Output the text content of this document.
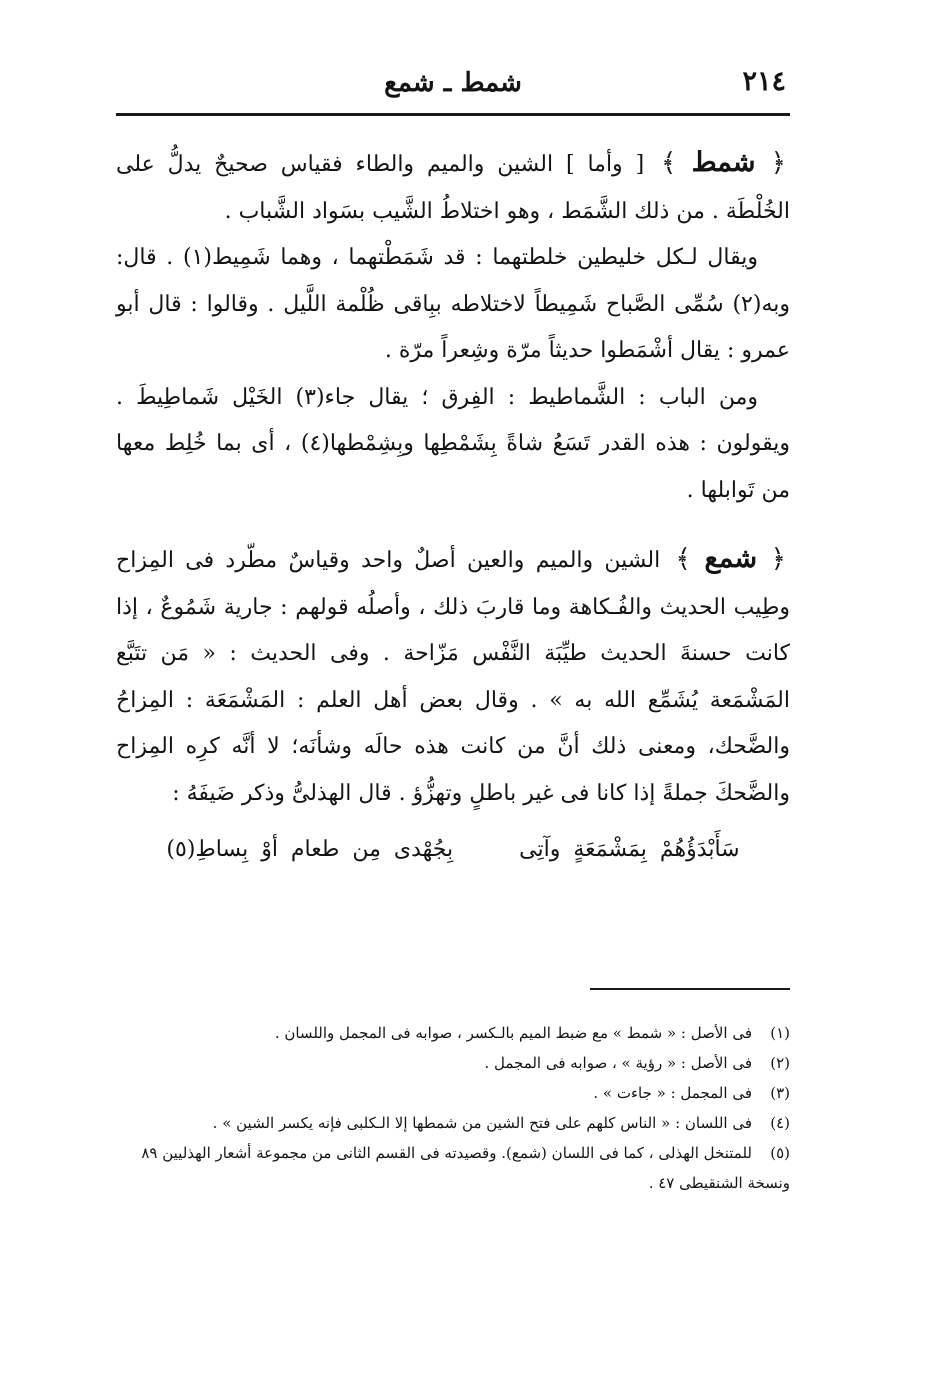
٢١٤
شمط ـ شمع

﴿ شمط ﴾ [ وأما ] الشين والميم والطاء فقياس صحيحٌ يدلُّ على الخُلْطَة . من ذلك الشَّمَط ، وهو اختلاطُ الشَّيب بسَواد الشَّباب .

ويقال لـكل خليطين خلطتهما : قد شَمَطْتهما ، وهما شَمِيط(١) . قال: وبه(٢) سُمِّى الصَّباح شَمِيطاً لاختلاطه ببِاقى ظُلْمة اللَّيل . وقالوا : قال أبو عمرو : يقال أشْمَطوا حديثاً مرّة وشِعراً مرّة .

ومن الباب : الشَّماطيط : الفِرق ؛ يقال جاء(٣) الخَيْل شَماطِيطَ . ويقولون : هذه القدر تَسَعُ شاةً بِشَمْطِها وبِشِمْطها(٤) ، أى بما خُلِط معها من تَوابلها .

﴿ شمع ﴾ الشين والميم والعين أصلٌ واحد وقياسٌ مطّرد فى المِزاح وطِيب الحديث والفُـكاهة وما قاربَ ذلك ، وأصلُه قولهم : جارية شَمُوعٌ ، إذا كانت حسنةَ الحديث طيِّبَة النَّفْس مَزّاحة . وفى الحديث : « مَن تتَبَّع المَشْمَعة يُشَمِّع الله به » . وقال بعض أهل العلم : المَشْمَعَة : المِزاحُ والضَّحك، ومعنى ذلك أنَّ من كانت هذه حالَه وشأنَه؛ لا أنَّه كرِه المِزاح والضَّحكَ جملةً إذا كانا فى غير باطلٍ وتهزُّؤ . قال الهذلىُّ وذكر ضَيفَهُ :

سَأَبْدَؤُهُمْ بِمَشْمَعَةٍ وآتِى  بِجُهْدى مِن طعام أوْ بِساطِ(٥)

(١)فى الأصل : « شمط » مع ضبط الميم بالـكسر ، صوابه فى المجمل واللسان .

(٢)فى الأصل : « رؤية » ، صوابه فى المجمل .

(٣)فى المجمل : « جاءت » .

(٤)فى اللسان : « الناس كلهم على فتح الشين من شمطها إلا الـكلبى فإنه يكسر الشين » .

(٥)للمتنخل الهذلى ، كما فى اللسان (شمع). وقصيدته فى القسم الثانى من مجموعة أشعار الهذليين ٨٩ ونسخة الشنقيطى ٤٧ .
